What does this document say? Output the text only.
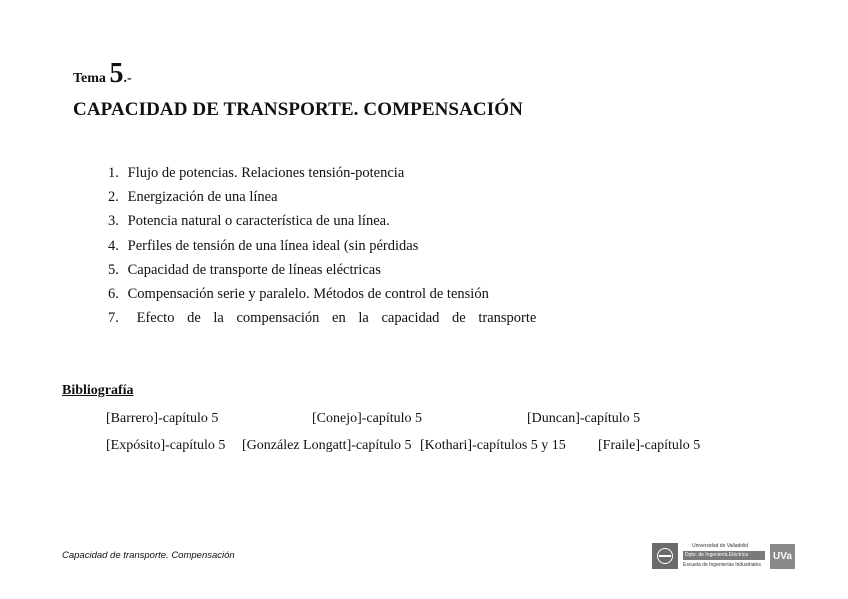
Tema 5.-
CAPACIDAD DE TRANSPORTE. COMPENSACIÓN
1. Flujo de potencias. Relaciones tensión-potencia
2. Energización de una línea
3. Potencia natural o característica de una línea.
4. Perfiles de tensión de una línea ideal (sin pérdidas
5. Capacidad de transporte de líneas eléctricas
6. Compensación serie y paralelo. Métodos de control de tensión
7. Efecto de la compensación en la capacidad de transporte
Bibliografía
[Barrero]-capítulo 5	[Conejo]-capítulo 5	[Duncan]-capítulo 5
[Expósito]-capítulo 5 [González Longatt]-capítulo 5 [Kothari]-capítulos 5 y 15 [Fraile]-capítulo 5
Capacidad de transporte. Compensación
Universidad de Valladolid
Dpto. de Ingeniería Eléctrica
Escuela de Ingenierías Industriales
UVa
